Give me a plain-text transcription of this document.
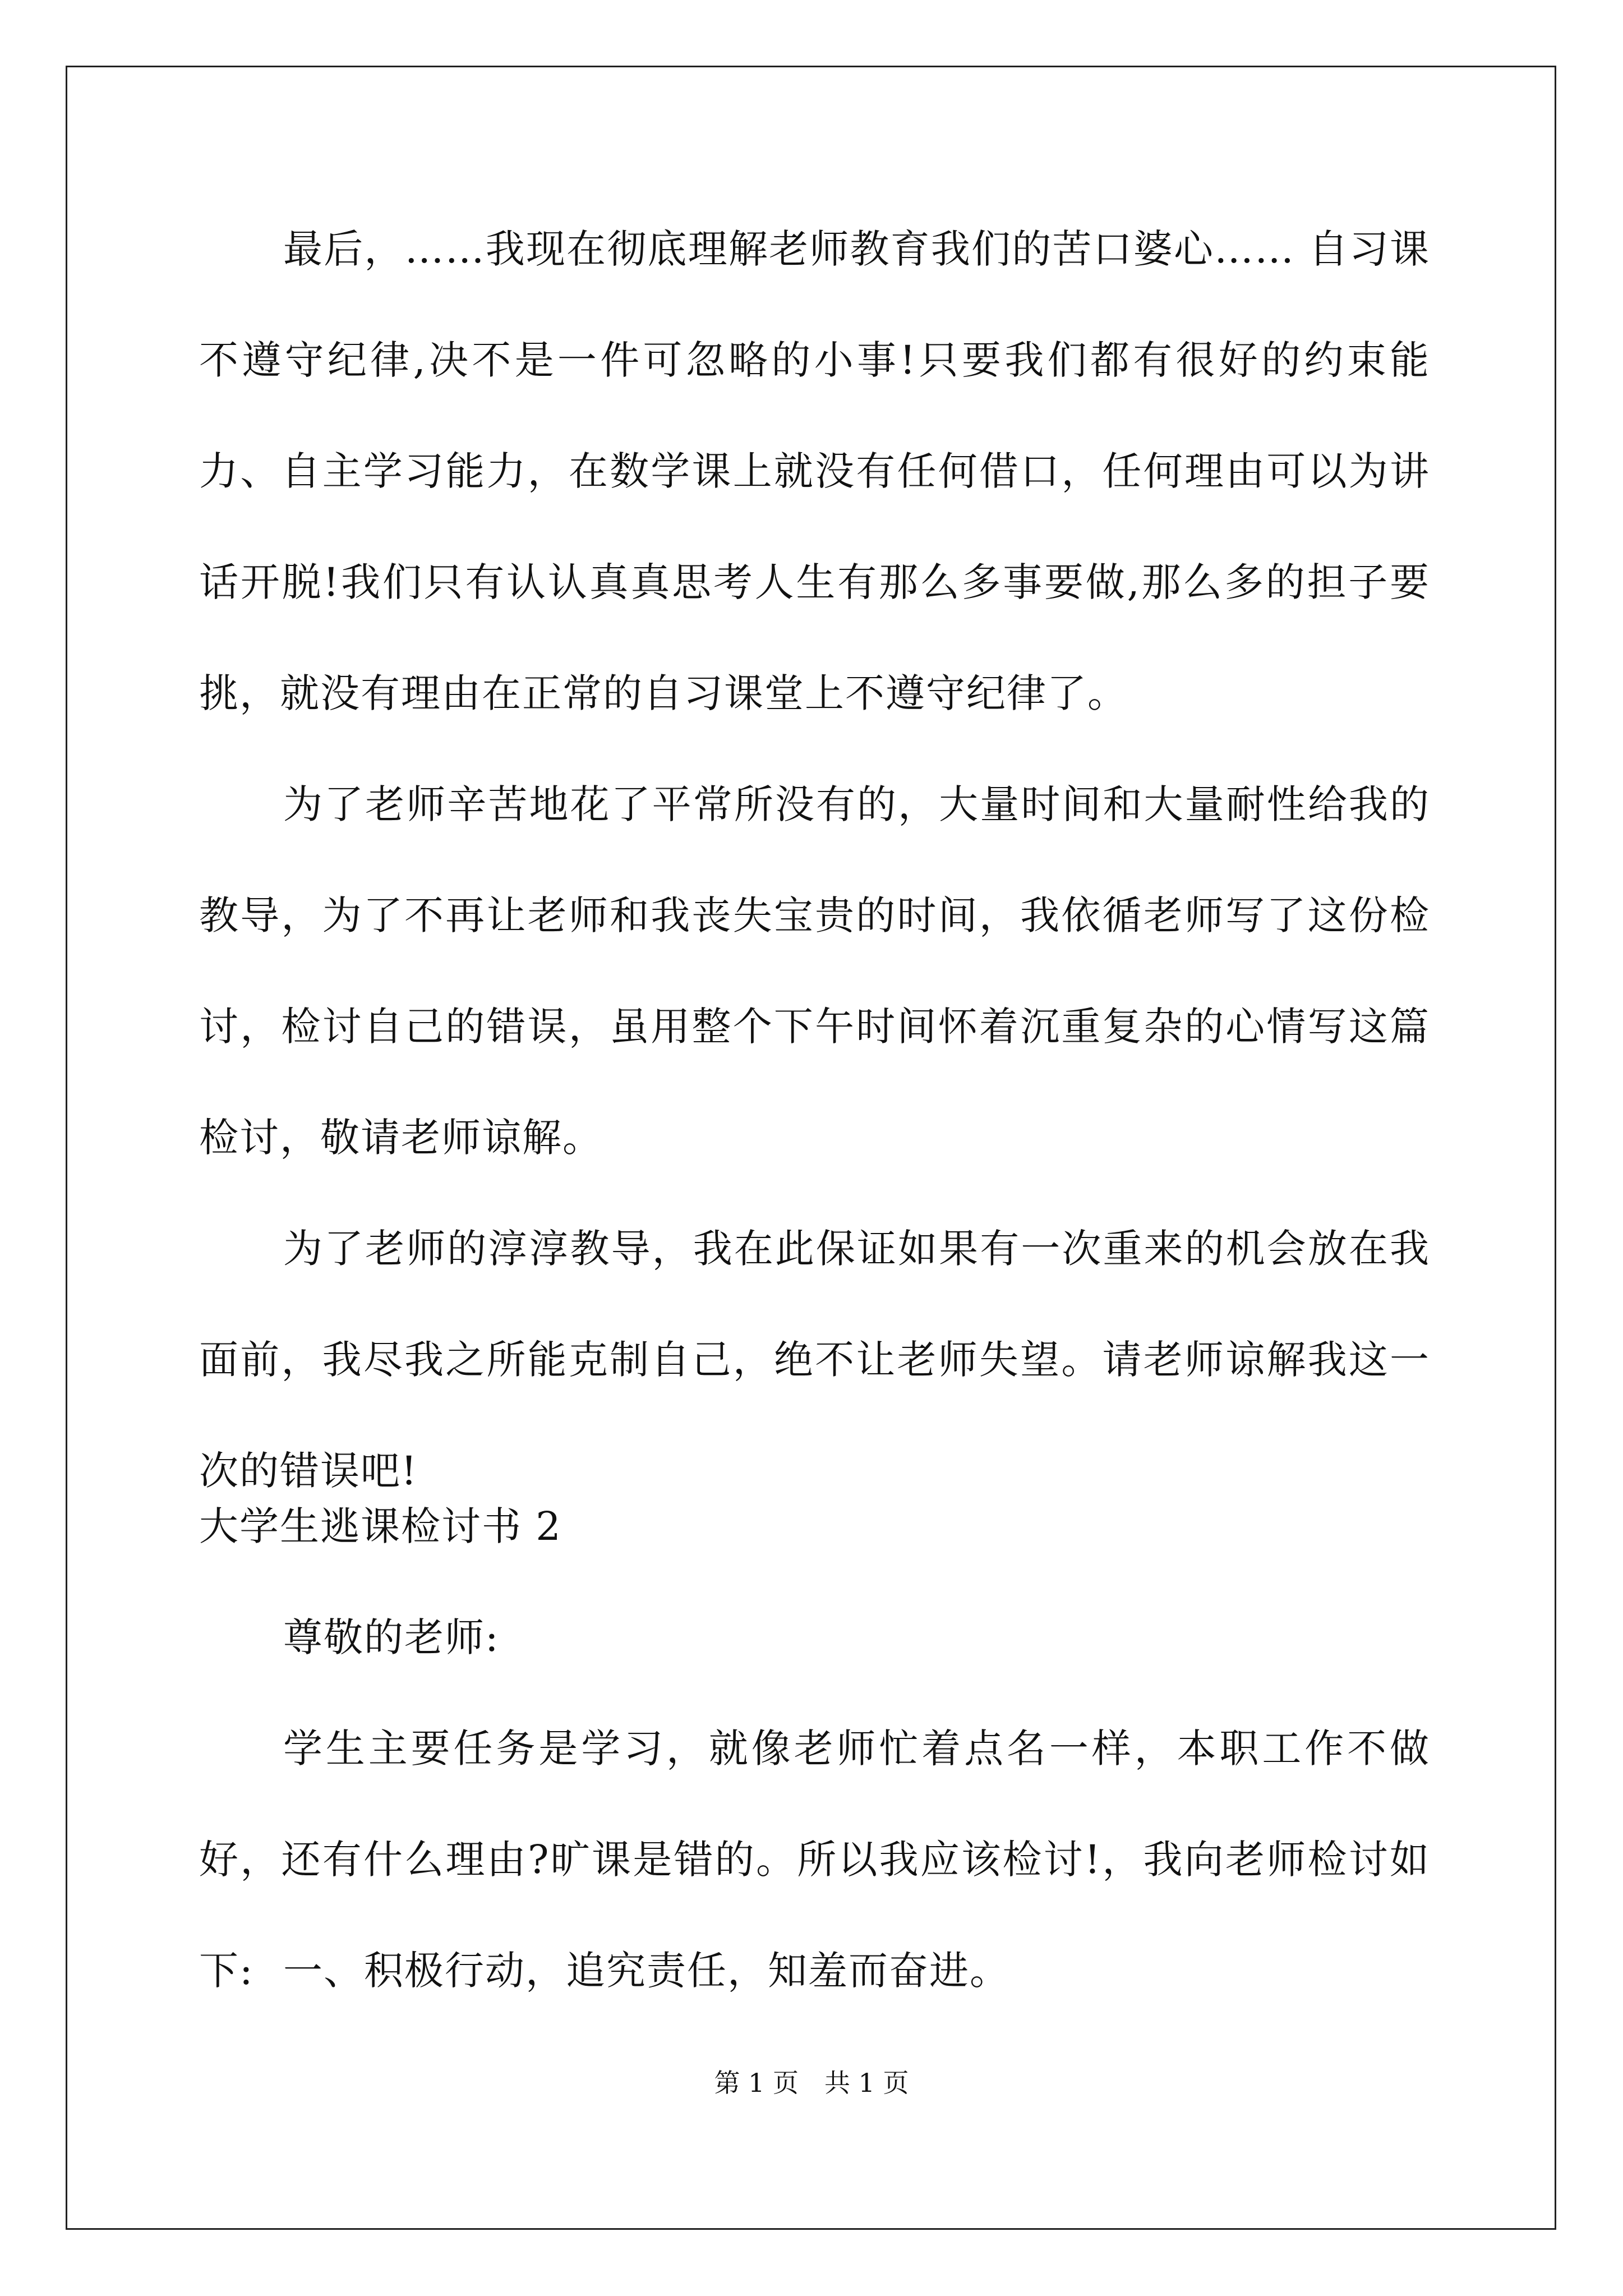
最后，……我现在彻底理解老师教育我们的苦口婆心…… 自习课不遵守纪律,决不是一件可忽略的小事!只要我们都有很好的约束能力、自主学习能力，在数学课上就没有任何借口，任何理由可以为讲话开脱!我们只有认认真真思考人生有那么多事要做,那么多的担子要挑，就没有理由在正常的自习课堂上不遵守纪律了。
为了老师辛苦地花了平常所没有的，大量时间和大量耐性给我的教导，为了不再让老师和我丧失宝贵的时间，我依循老师写了这份检讨，检讨自己的错误，虽用整个下午时间怀着沉重复杂的心情写这篇检讨，敬请老师谅解。
为了老师的淳淳教导，我在此保证如果有一次重来的机会放在我面前，我尽我之所能克制自己，绝不让老师失望。请老师谅解我这一次的错误吧!
大学生逃课检讨书 2
尊敬的老师:
学生主要任务是学习，就像老师忙着点名一样，本职工作不做好，还有什么理由?旷课是错的。所以我应该检讨!，我向老师检讨如下: 一、积极行动，追究责任，知羞而奋进。
第 1 页　共 1 页
